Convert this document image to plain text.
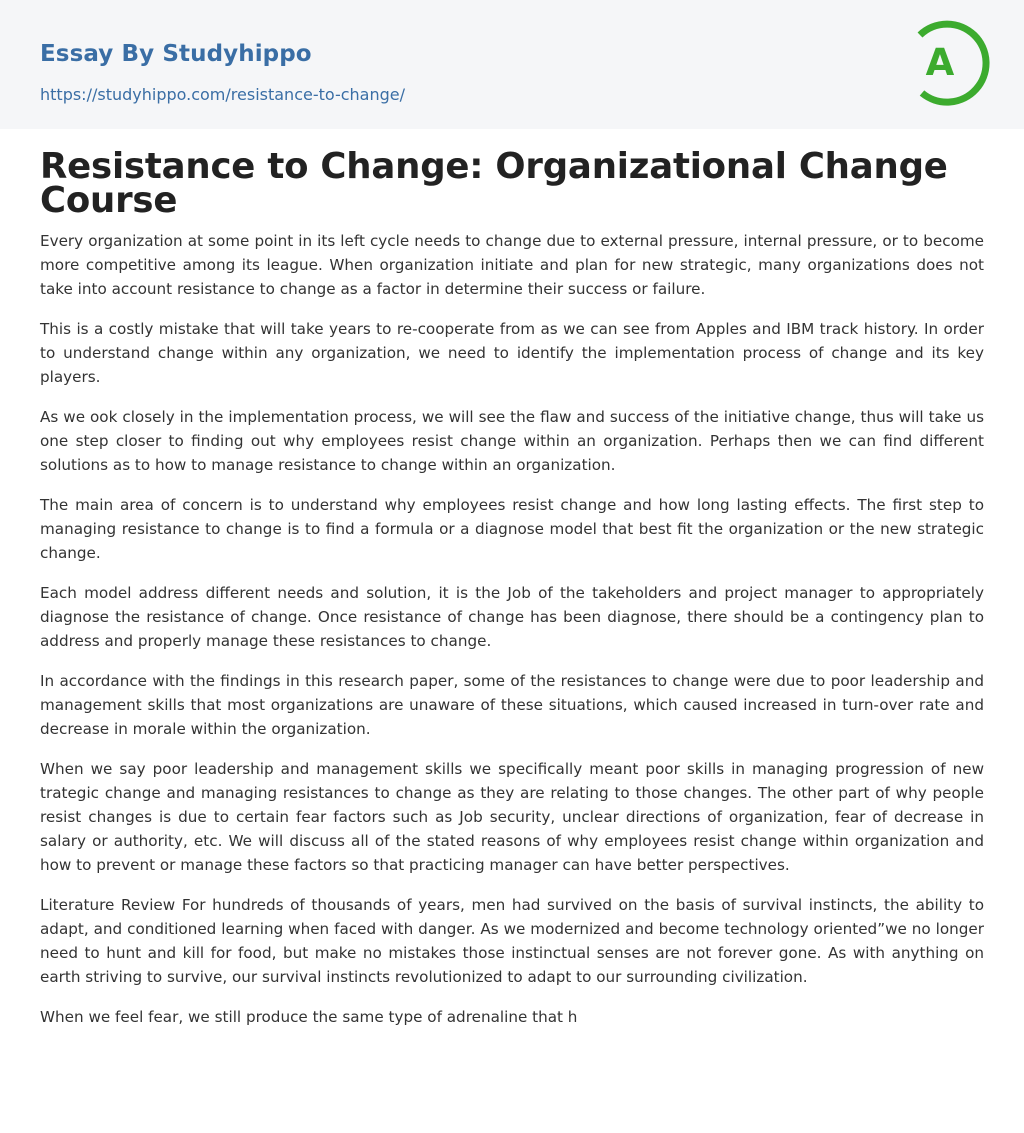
Essay By Studyhippo
https://studyhippo.com/resistance-to-change/
A
Resistance to Change: Organizational Change Course

Every organization at some point in its left cycle needs to change due to external pressure, internal pressure, or to become more competitive among its league. When organization initiate and plan for new strategic, many organizations does not take into account resistance to change as a factor in determine their success or failure.

This is a costly mistake that will take years to re-cooperate from as we can see from Apples and IBM track history. In order to understand change within any organization, we need to identify the implementation process of change and its key players.

As we ook closely in the implementation process, we will see the flaw and success of the initiative change, thus will take us one step closer to finding out why employees resist change within an organization. Perhaps then we can find different solutions as to how to manage resistance to change within an organization.

The main area of concern is to understand why employees resist change and how long lasting effects. The first step to managing resistance to change is to find a formula or a diagnose model that best fit the organization or the new strategic change.

Each model address different needs and solution, it is the Job of the takeholders and project manager to appropriately diagnose the resistance of change. Once resistance of change has been diagnose, there should be a contingency plan to address and properly manage these resistances to change.

In accordance with the findings in this research paper, some of the resistances to change were due to poor leadership and management skills that most organizations are unaware of these situations, which caused increased in turn-over rate and decrease in morale within the organization.

When we say poor leadership and management skills we specifically meant poor skills in managing progression of new trategic change and managing resistances to change as they are relating to those changes. The other part of why people resist changes is due to certain fear factors such as Job security, unclear directions of organization, fear of decrease in salary or authority, etc. We will discuss all of the stated reasons of why employees resist change within organization and how to prevent or manage these factors so that practicing manager can have better perspectives.

Literature Review For hundreds of thousands of years, men had survived on the basis of survival instincts, the ability to adapt, and conditioned learning when faced with danger. As we modernized and become technology oriented”we no longer need to hunt and kill for food, but make no mistakes those instinctual senses are not forever gone. As with anything on earth striving to survive, our survival instincts revolutionized to adapt to our surrounding civilization.

When we feel fear, we still produce the same type of adrenaline that h
